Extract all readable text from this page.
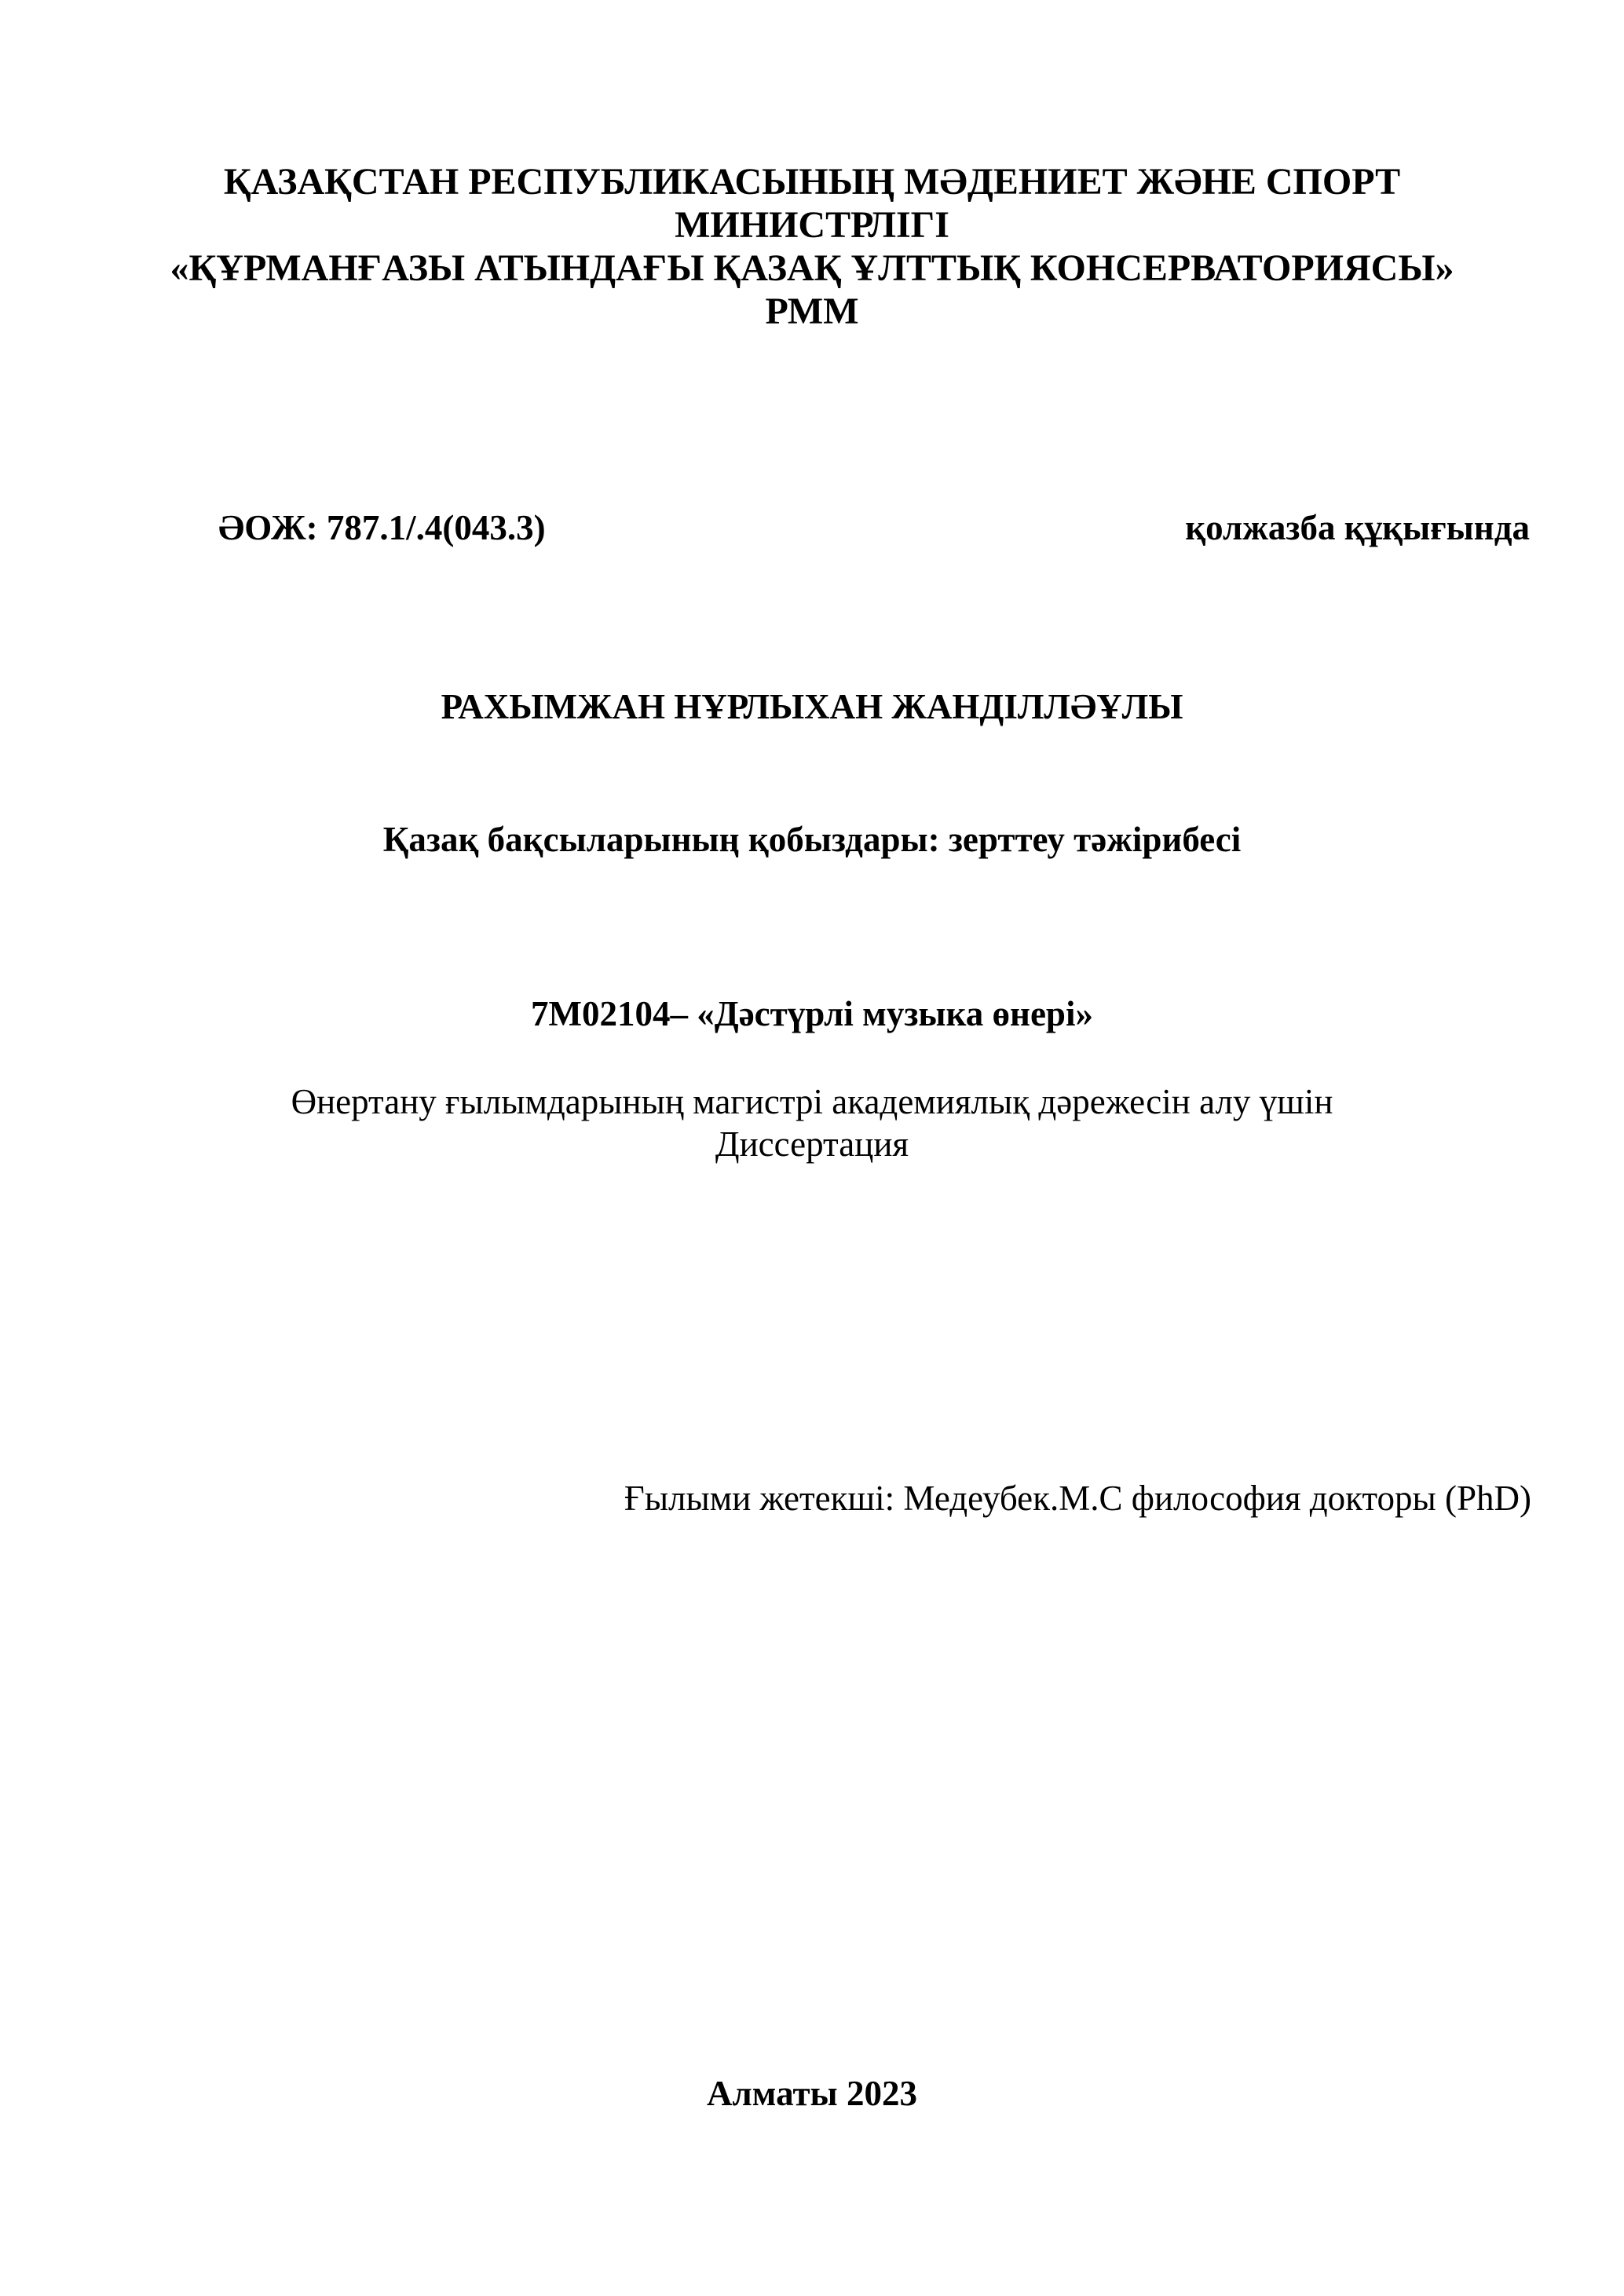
ҚАЗАҚСТАН РЕСПУБЛИКАСЫНЫҢ МӘДЕНИЕТ ЖӘНЕ СПОРТ
МИНИСТРЛІГІ
«ҚҰРМАНҒАЗЫ АТЫНДАҒЫ ҚАЗАҚ ҰЛТТЫҚ КОНСЕРВАТОРИЯСЫ»
РММ
ӘОЖ: 787.1/.4(043.3)	қолжазба құқығында
РАХЫМЖАН НҰРЛЫХАН ЖАНДІЛЛӘҰЛЫ
Қазақ бақсыларының қобыздары: зерттеу тәжірибесі
7М02104– «Дәстүрлі музыка өнері»
Өнертану ғылымдарының магистрі академиялық дәрежесін алу үшін
Диссертация
Ғылыми жетекші: Медеубек.М.С философия докторы (PhD)
Алматы 2023
